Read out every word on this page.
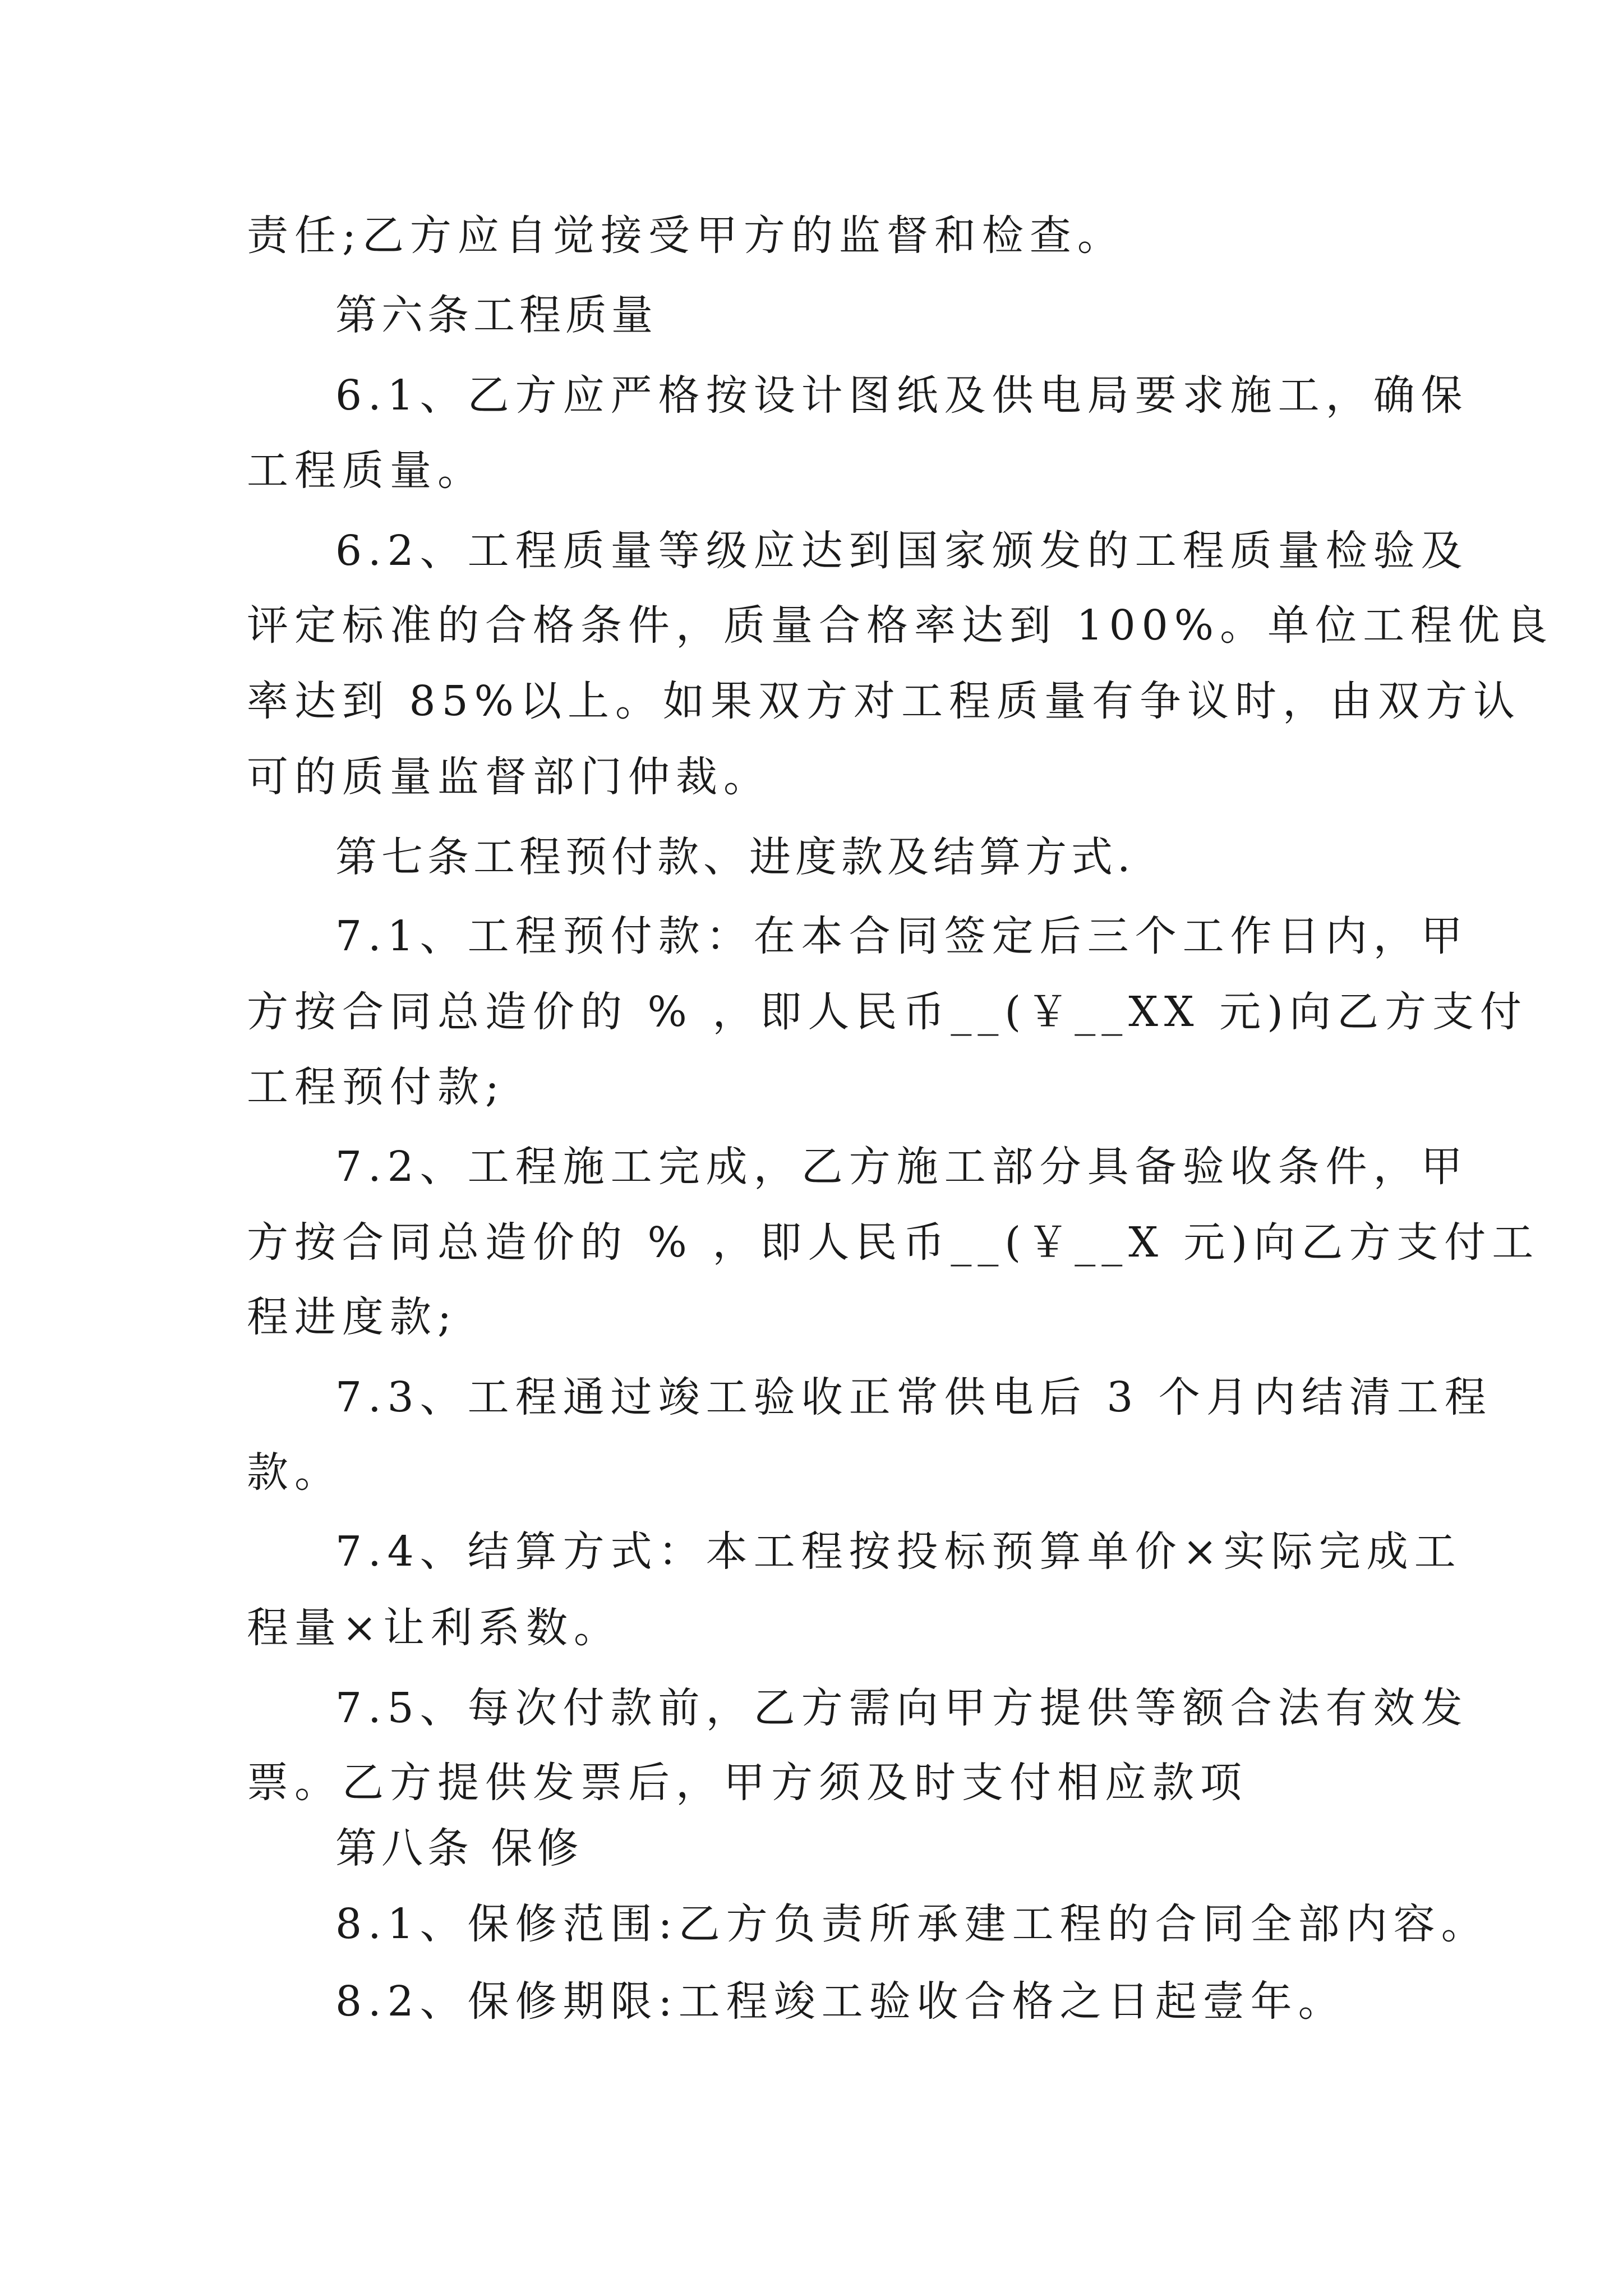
责任;乙方应自觉接受甲方的监督和检查。
第六条工程质量
6.1、乙方应严格按设计图纸及供电局要求施工，确保
工程质量。
6.2、工程质量等级应达到国家颁发的工程质量检验及
评定标准的合格条件，质量合格率达到 100%。单位工程优良
率达到 85%以上。如果双方对工程质量有争议时，由双方认
可的质量监督部门仲裁。
第七条工程预付款、进度款及结算方式.
7.1、工程预付款：在本合同签定后三个工作日内，甲
方按合同总造价的 % ，即人民币__(￥__XX 元)向乙方支付
工程预付款;
7.2、工程施工完成，乙方施工部分具备验收条件，甲
方按合同总造价的 % ，即人民币__(￥__X 元)向乙方支付工
程进度款;
7.3、工程通过竣工验收正常供电后 3 个月内结清工程
款。
7.4、结算方式：本工程按投标预算单价×实际完成工
程量×让利系数。
7.5、每次付款前，乙方需向甲方提供等额合法有效发
票。乙方提供发票后，甲方须及时支付相应款项
第八条 保修
8.1、保修范围:乙方负责所承建工程的合同全部内容。
8.2、保修期限:工程竣工验收合格之日起壹年。
